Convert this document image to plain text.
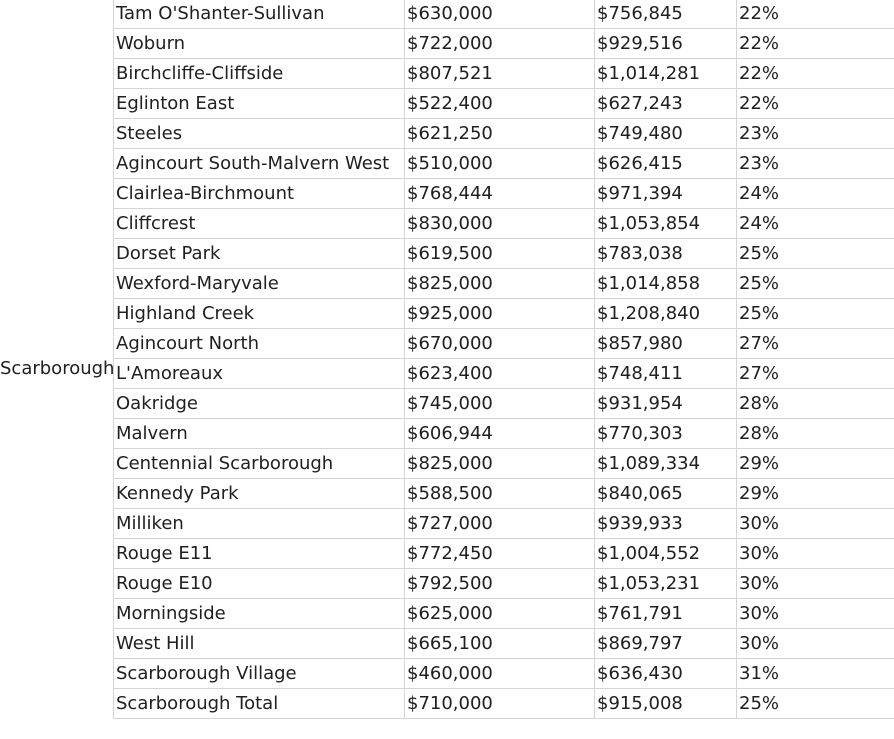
Scarborough
Tam O'Shanter-Sullivan	$630,000	$756,845	22%
Woburn	$722,000	$929,516	22%
Birchcliffe-Cliffside	$807,521	$1,014,281	22%
Eglinton East	$522,400	$627,243	22%
Steeles	$621,250	$749,480	23%
Agincourt South-Malvern West	$510,000	$626,415	23%
Clairlea-Birchmount	$768,444	$971,394	24%
Cliffcrest	$830,000	$1,053,854	24%
Dorset Park	$619,500	$783,038	25%
Wexford-Maryvale	$825,000	$1,014,858	25%
Highland Creek	$925,000	$1,208,840	25%
Agincourt North	$670,000	$857,980	27%
L'Amoreaux	$623,400	$748,411	27%
Oakridge	$745,000	$931,954	28%
Malvern	$606,944	$770,303	28%
Centennial Scarborough	$825,000	$1,089,334	29%
Kennedy Park	$588,500	$840,065	29%
Milliken	$727,000	$939,933	30%
Rouge E11	$772,450	$1,004,552	30%
Rouge E10	$792,500	$1,053,231	30%
Morningside	$625,000	$761,791	30%
West Hill	$665,100	$869,797	30%
Scarborough Village	$460,000	$636,430	31%
Scarborough Total	$710,000	$915,008	25%
